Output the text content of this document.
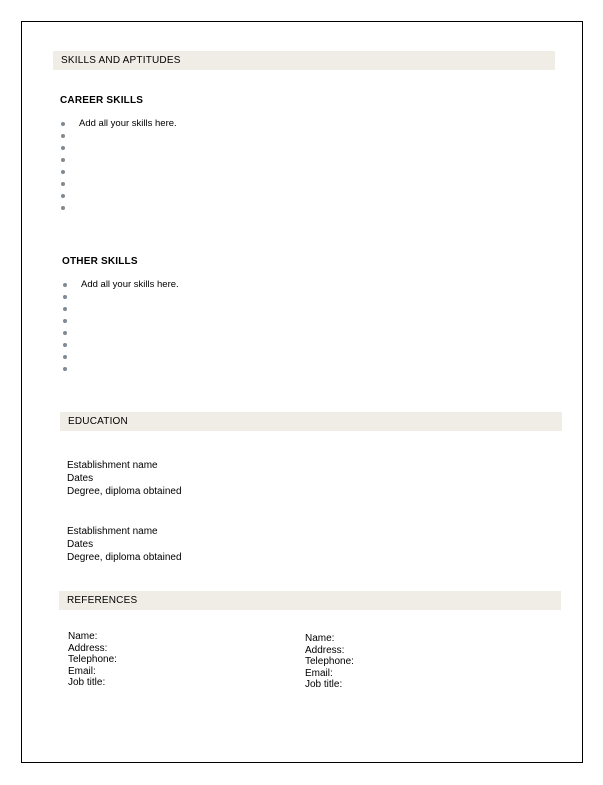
SKILLS AND APTITUDES
CAREER SKILLS
Add all your skills here.
OTHER SKILLS
Add all your skills here.
EDUCATION
Establishment name
Dates
Degree, diploma obtained
Establishment name
Dates
Degree, diploma obtained
REFERENCES
Name:
Address:
Telephone:
Email:
Job title:
Name:
Address:
Telephone:
Email:
Job title:
